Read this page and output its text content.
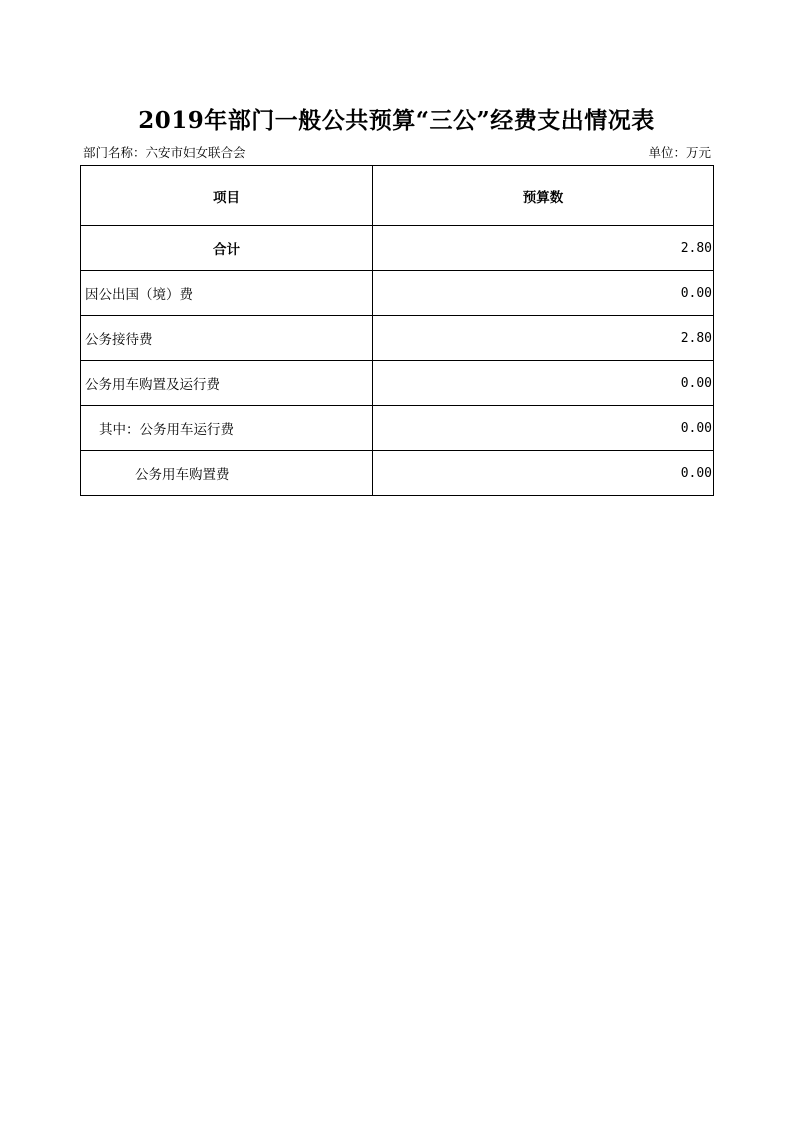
2019年部门一般公共预算“三公”经费支出情况表
部门名称：六安市妇女联合会	单位：万元
项目	预算数
合计	2.80
因公出国（境）费	0.00
公务接待费	2.80
公务用车购置及运行费	0.00
其中：公务用车运行费	0.00
公务用车购置费	0.00
